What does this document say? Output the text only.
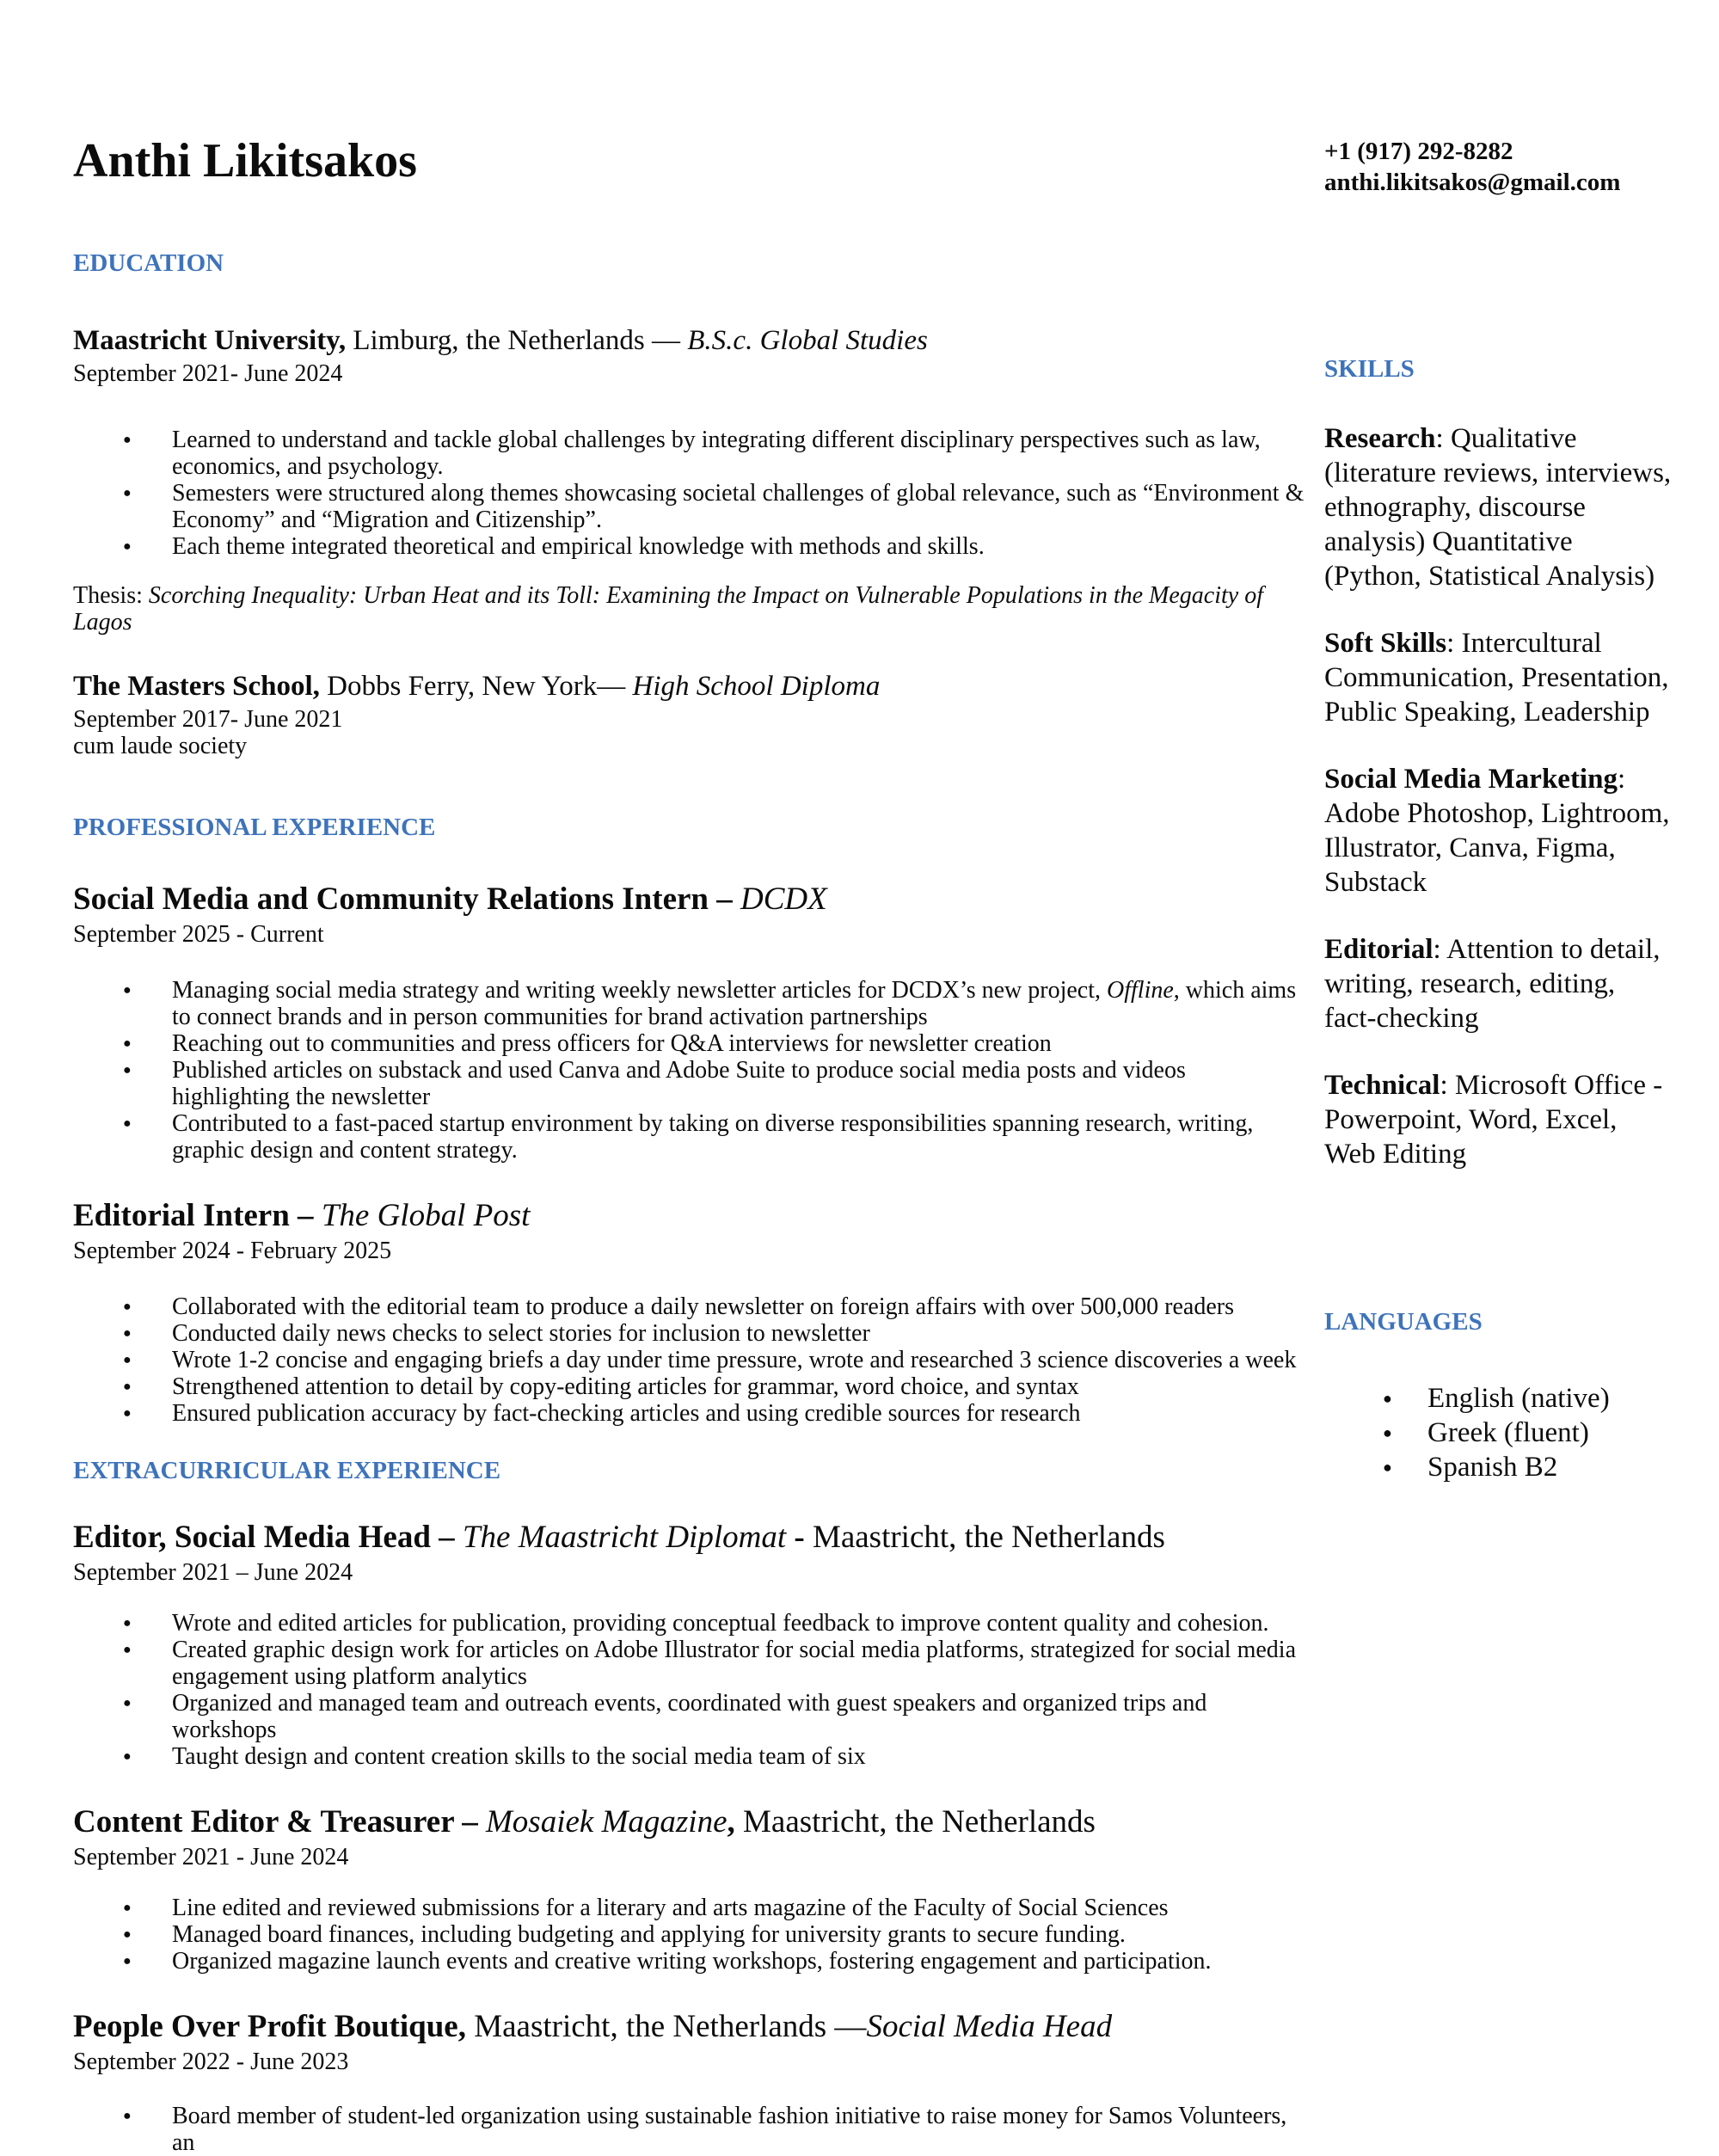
Anthi Likitsakos
EDUCATION

Maastricht University, Limburg, the Netherlands — B.S.c. Global Studies

September 2021- June 2024

● Learned to understand and tackle global challenges by integrating different disciplinary perspectives such as law, economics, and psychology.
● Semesters were structured along themes showcasing societal challenges of global relevance, such as “Environment & Economy” and “Migration and Citizenship”.
● Each theme integrated theoretical and empirical knowledge with methods and skills.

Thesis: Scorching Inequality: Urban Heat and its Toll: Examining the Impact on Vulnerable Populations in the Megacity of Lagos

The Masters School, Dobbs Ferry, New York— High School Diploma

September 2017- June 2021

cum laude society

PROFESSIONAL EXPERIENCE

Social Media and Community Relations Intern – DCDX

September 2025 - Current

● Managing social media strategy and writing weekly newsletter articles for DCDX’s new project, Offline, which aims to connect brands and in person communities for brand activation partnerships
● Reaching out to communities and press officers for Q&A interviews for newsletter creation
● Published articles on substack and used Canva and Adobe Suite to produce social media posts and videos highlighting the newsletter
● Contributed to a fast-paced startup environment by taking on diverse responsibilities spanning research, writing, graphic design and content strategy.

Editorial Intern – The Global Post

September 2024 - February 2025

● Collaborated with the editorial team to produce a daily newsletter on foreign affairs with over 500,000 readers
● Conducted daily news checks to select stories for inclusion to newsletter
● Wrote 1-2 concise and engaging briefs a day under time pressure, wrote and researched 3 science discoveries a week
● Strengthened attention to detail by copy-editing articles for grammar, word choice, and syntax
● Ensured publication accuracy by fact-checking articles and using credible sources for research
EXTRACURRICULAR EXPERIENCE

Editor, Social Media Head – The Maastricht Diplomat - Maastricht, the Netherlands

September 2021 – June 2024

● Wrote and edited articles for publication, providing conceptual feedback to improve content quality and cohesion.
● Created graphic design work for articles on Adobe Illustrator for social media platforms, strategized for social media engagement using platform analytics
● Organized and managed team and outreach events, coordinated with guest speakers and organized trips and workshops
● Taught design and content creation skills to the social media team of six

Content Editor & Treasurer – Mosaiek Magazine, Maastricht, the Netherlands

September 2021 - June 2024

● Line edited and reviewed submissions for a literary and arts magazine of the Faculty of Social Sciences
● Managed board finances, including budgeting and applying for university grants to secure funding.
● Organized magazine launch events and creative writing workshops, fostering engagement and participation.

People Over Profit Boutique, Maastricht, the Netherlands —Social Media Head

September 2022 - June 2023

● Board member of student-led organization using sustainable fashion initiative to raise money for Samos Volunteers, an

+1 (917) 292-8282
anthi.likitsakos@gmail.com

SKILLS

Research: Qualitative (literature reviews, interviews, ethnography, discourse analysis) Quantitative (Python, Statistical Analysis)

Soft Skills: Intercultural Communication, Presentation, Public Speaking, Leadership

Social Media Marketing: Adobe Photoshop, Lightroom, Illustrator, Canva, Figma, Substack

Editorial: Attention to detail, writing, research, editing, fact-checking

Technical: Microsoft Office - Powerpoint, Word, Excel, Web Editing

LANGUAGES
● English (native)
● Greek (fluent)
● Spanish B2
